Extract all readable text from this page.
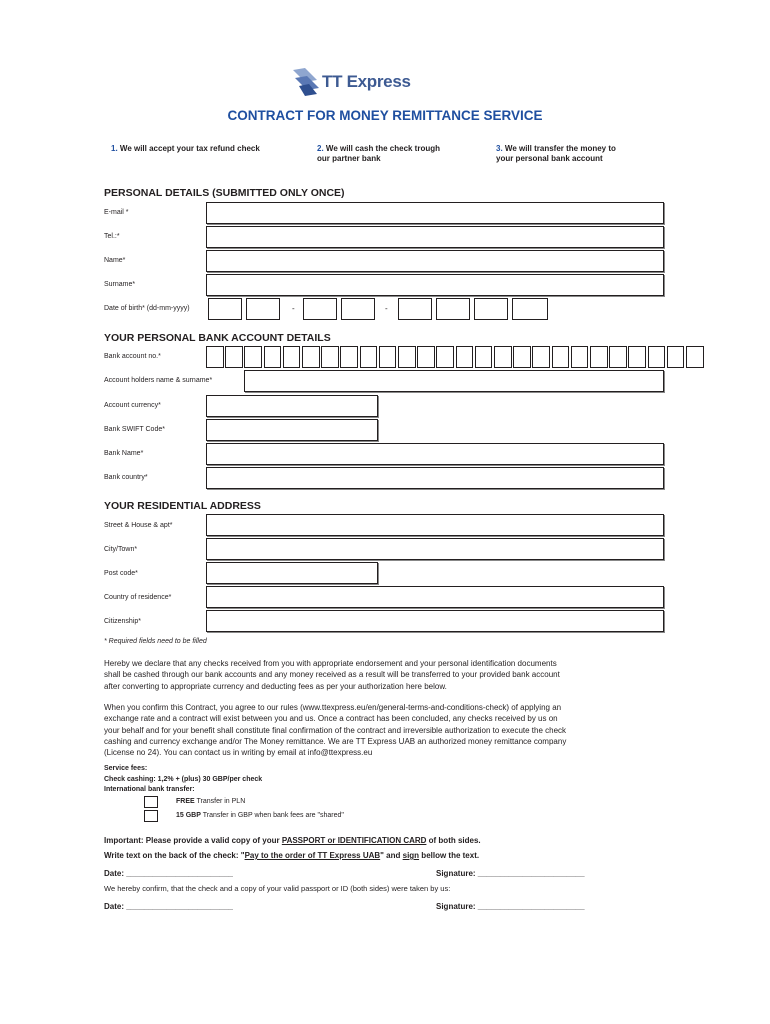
TT Express
CONTRACT FOR MONEY REMITTANCE SERVICE
1. We will accept your tax refund check	2. We will cash the check trough
our partner bank
3. We will transfer the money to
your personal bank account
PERSONAL DETAILS (SUBMITTED ONLY ONCE)
E-mail *
Tel.:*
Name*
Surname*
Date of birth* (dd-mm-yyyy)	-	-
YOUR PERSONAL BANK ACCOUNT DETAILS
Bank account no.*
Account holders name & surname*
Account currency*
Bank SWIFT Code*
Bank Name*
Bank country*
YOUR RESIDENTIAL ADDRESS
Street & House & apt*
City/Town*
Post code*
Country of residence*
Citizenship*
* Required fields need to be filled
Hereby we declare that any checks received from you with appropriate endorsement and your personal identification documents
shall be cashed through our bank accounts and any money received as a result will be transferred to your provided bank account
after converting to appropriate currency and deducting fees as per your authorization here below.
When you confirm this Contract, you agree to our rules (www.ttexpress.eu/en/general-terms-and-conditions-check) of applying an
exchange rate and a contract will exist between you and us. Once a contract has been concluded, any checks received by us on
your behalf and for your benefit shall constitute final confirmation of the contract and irreversible authorization to execute the check
cashing and currency exchange and/or The Money remittance. We are TT Express UAB an authorized money remittance company
(License no 24). You can contact us in writing by email at info@ttexpress.eu
Service fees:
Check cashing: 1,2% + (plus) 30 GBP/per check
International bank transfer:
FREE Transfer in PLN
15 GBP Transfer in GBP when bank fees are "shared"
Important: Please provide a valid copy of your PASSPORT or IDENTIFICATION CARD of both sides.
Write text on the back of the check: "Pay to the order of TT Express UAB" and sign bellow the text.
Date: ________________________	Signature: ________________________
We hereby confirm, that the check and a copy of your valid passport or ID (both sides) were taken by us:
Date: ________________________	Signature: ________________________
